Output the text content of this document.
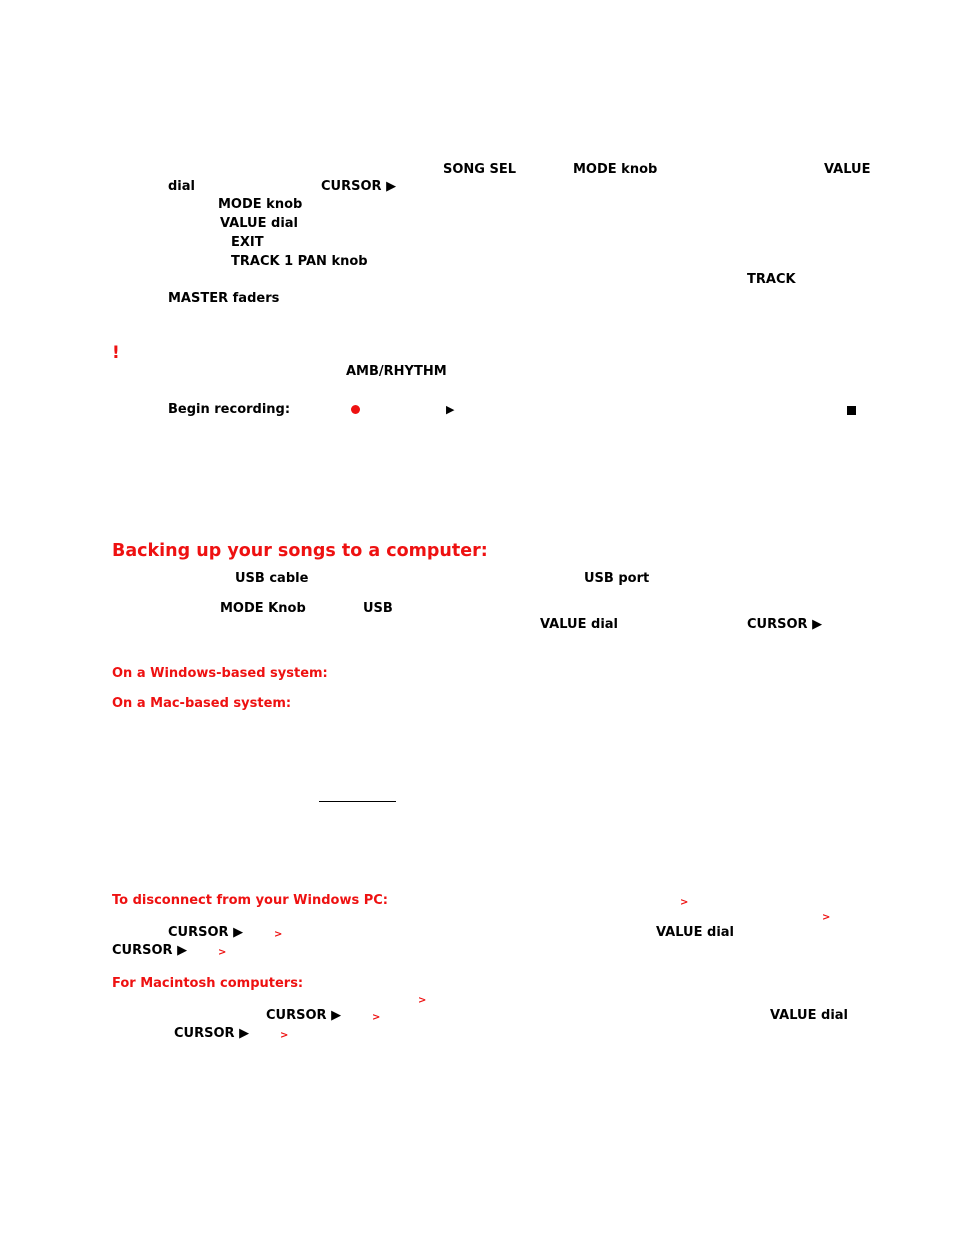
SONG SEL	MODE knob	VALUE
dial	CURSOR ▶
MODE knob
VALUE dial
EXIT
TRACK 1 PAN knob
TRACK
MASTER faders
!
AMB/RHYTHM
Begin recording:	▶
Backing up your songs to a computer:
USB cable	USB port
MODE Knob	USB
VALUE dial	CURSOR ▶
On a Windows-based system:
On a Mac-based system:
To disconnect from your Windows PC:	>
>
CURSOR ▶	>	VALUE dial
CURSOR ▶	>
For Macintosh computers:
>
CURSOR ▶	>	VALUE dial
CURSOR ▶	>
